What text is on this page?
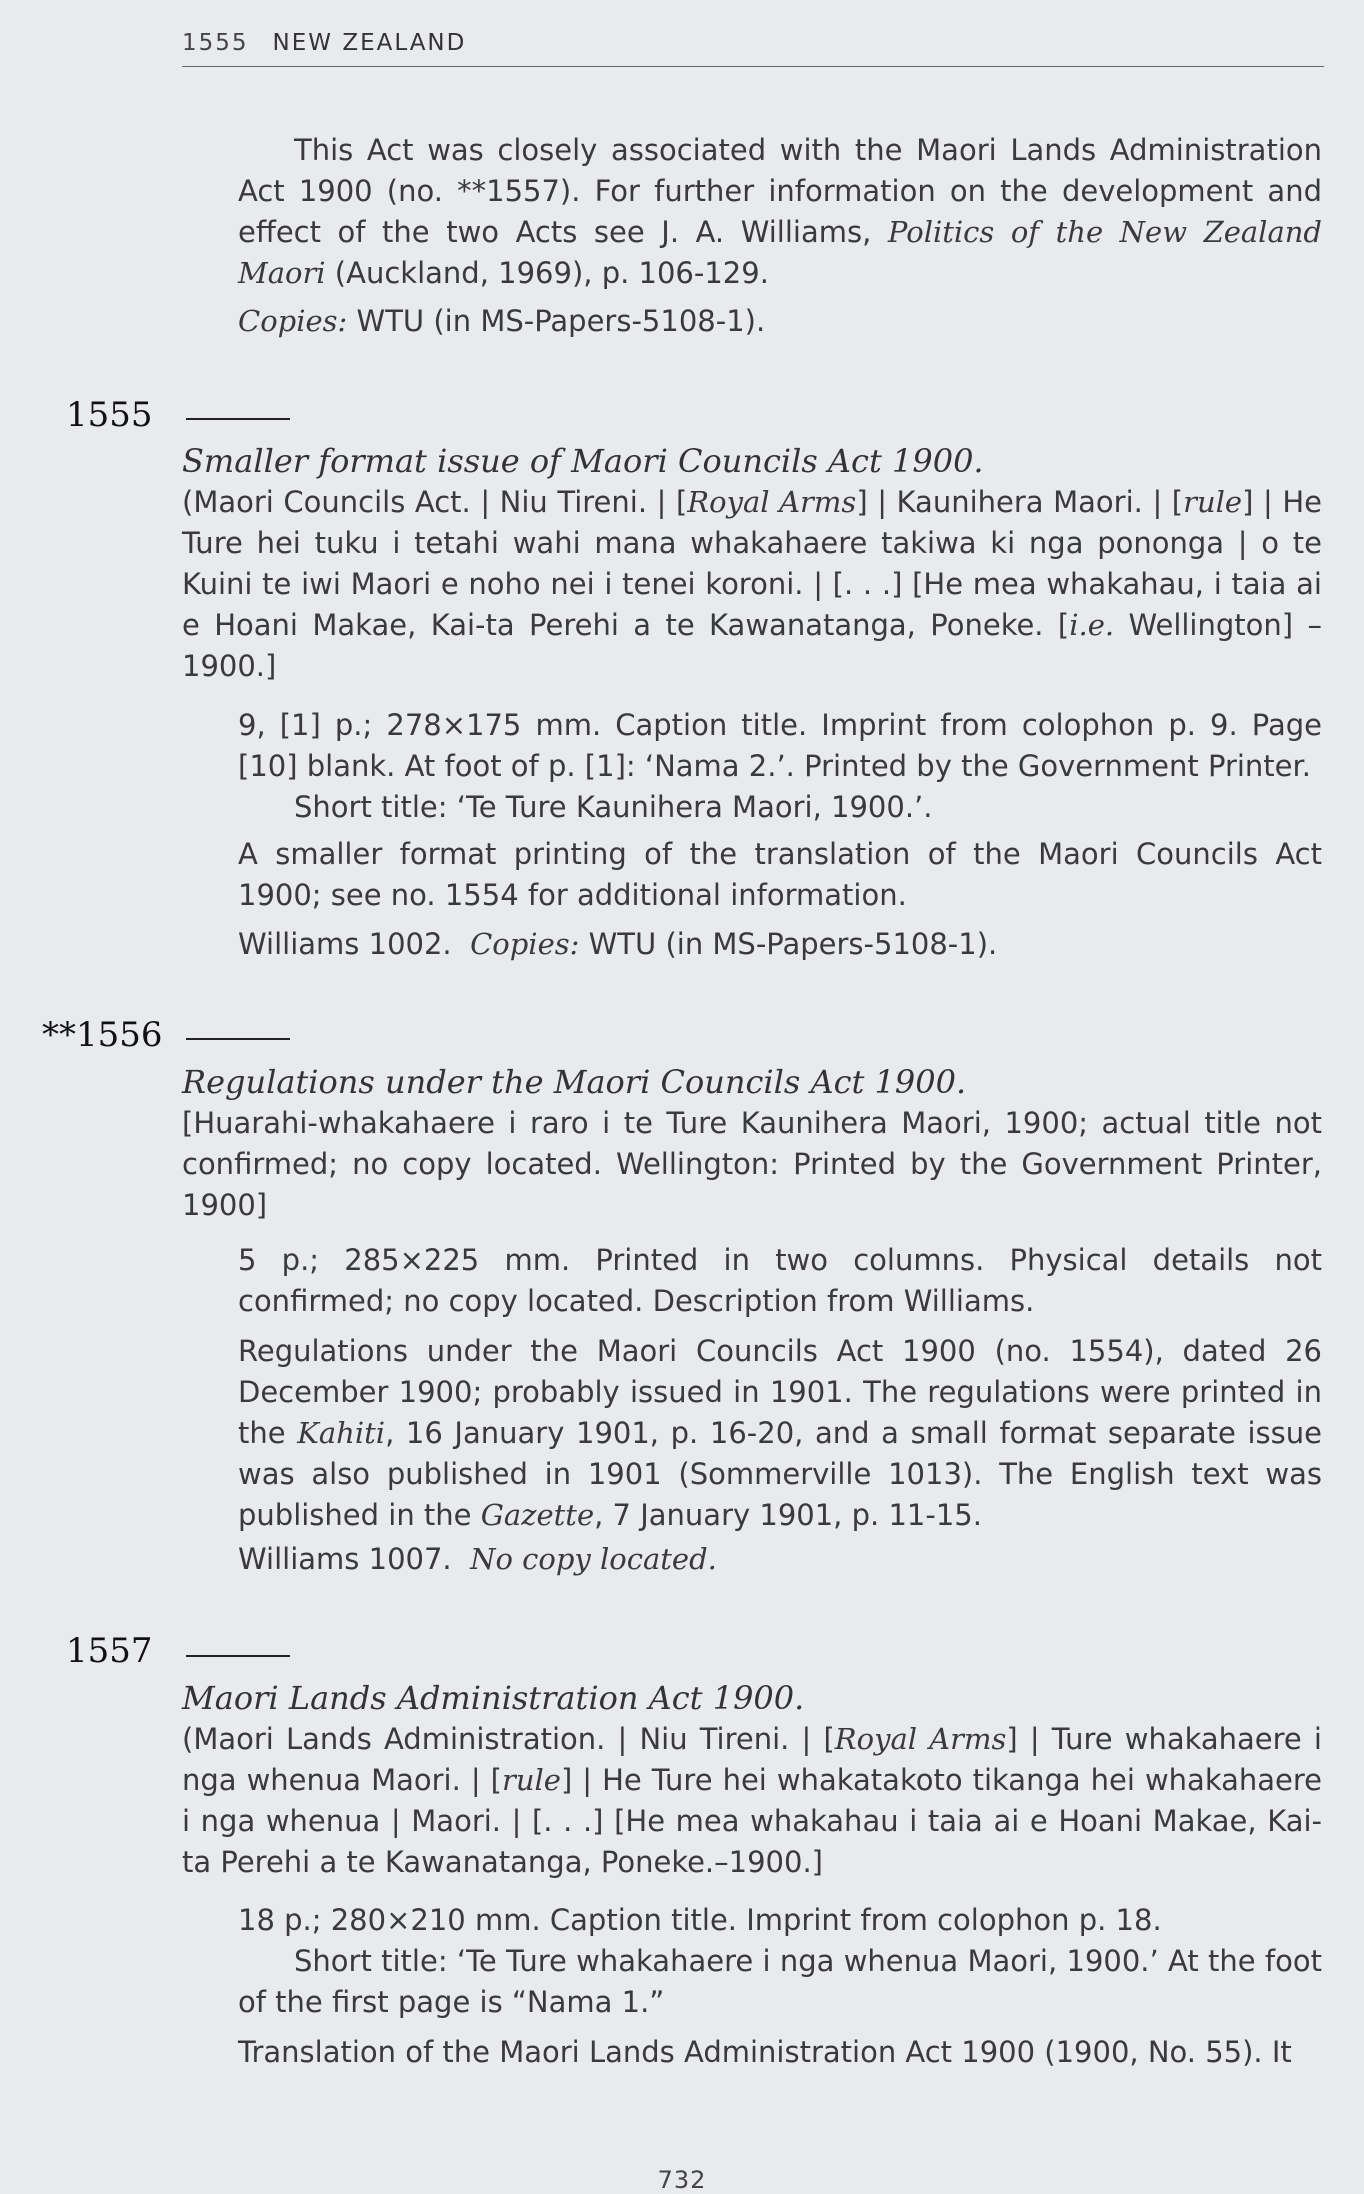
1555 NEW ZEALAND
This Act was closely associated with the Maori Lands Administration Act 1900 (no. **1557). For further information on the development and effect of the two Acts see J. A. Williams, Politics of the New Zealand Maori (Auckland, 1969), p. 106-129.
Copies: WTU (in MS-Papers-5108-1).
1555
Smaller format issue of Maori Councils Act 1900.
(Maori Councils Act. | Niu Tireni. | [Royal Arms] | Kaunihera Maori. | [rule] | He Ture hei tuku i tetahi wahi mana whakahaere takiwa ki nga pononga | o te Kuini te iwi Maori e noho nei i tenei koroni. | [. . .] [He mea whakahau, i taia ai e Hoani Makae, Kai-ta Perehi a te Kawanatanga, Poneke. [i.e. Wellington] –1900.]
9, [1] p.; 278×175 mm. Caption title. Imprint from colophon p. 9. Page [10] blank. At foot of p. [1]: ‘Nama 2.’. Printed by the Government Printer.
Short title: ‘Te Ture Kaunihera Maori, 1900.’.
A smaller format printing of the translation of the Maori Councils Act 1900; see no. 1554 for additional information.
Williams 1002. Copies: WTU (in MS-Papers-5108-1).
**1556
Regulations under the Maori Councils Act 1900.
[Huarahi-whakahaere i raro i te Ture Kaunihera Maori, 1900; actual title not confirmed; no copy located. Wellington: Printed by the Government Printer, 1900]
5 p.; 285×225 mm. Printed in two columns. Physical details not confirmed; no copy located. Description from Williams.
Regulations under the Maori Councils Act 1900 (no. 1554), dated 26 December 1900; probably issued in 1901. The regulations were printed in the Kahiti, 16 January 1901, p. 16-20, and a small format separate issue was also published in 1901 (Sommerville 1013). The English text was published in the Gazette, 7 January 1901, p. 11-15.
Williams 1007. No copy located.
1557
Maori Lands Administration Act 1900.
(Maori Lands Administration. | Niu Tireni. | [Royal Arms] | Ture whakahaere i nga whenua Maori. | [rule] | He Ture hei whakatakoto tikanga hei whakahaere i nga whenua | Maori. | [. . .] [He mea whakahau i taia ai e Hoani Makae, Kai-ta Perehi a te Kawanatanga, Poneke.–1900.]
18 p.; 280×210 mm. Caption title. Imprint from colophon p. 18.
Short title: ‘Te Ture whakahaere i nga whenua Maori, 1900.’ At the foot of the first page is “Nama 1.”
Translation of the Maori Lands Administration Act 1900 (1900, No. 55). It
732
